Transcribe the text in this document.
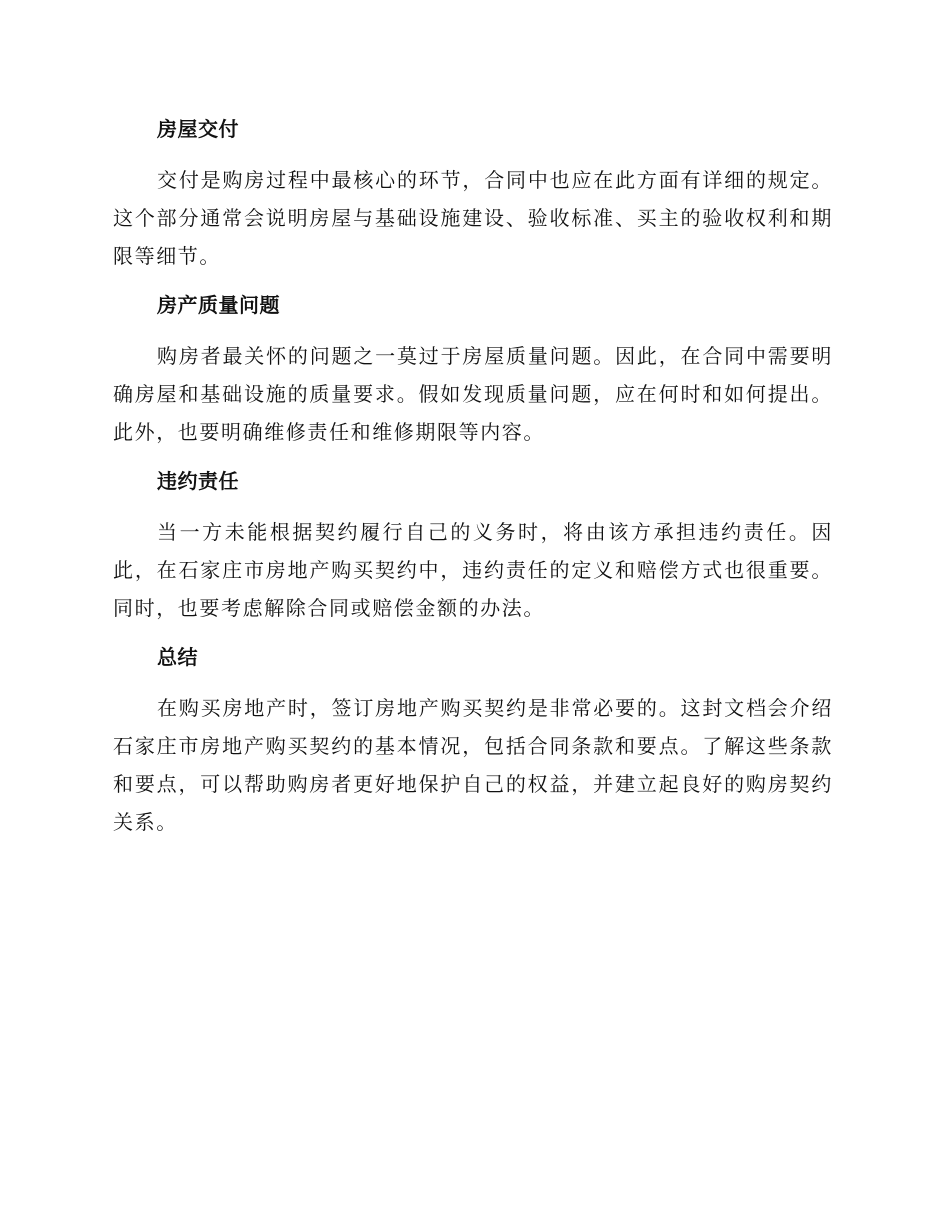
房屋交付

交付是购房过程中最核心的环节，合同中也应在此方面有详细的规定。这个部分通常会说明房屋与基础设施建设、验收标准、买主的验收权利和期限等细节。

房产质量问题

购房者最关怀的问题之一莫过于房屋质量问题。因此，在合同中需要明确房屋和基础设施的质量要求。假如发现质量问题，应在何时和如何提出。此外，也要明确维修责任和维修期限等内容。

违约责任

当一方未能根据契约履行自己的义务时，将由该方承担违约责任。因此，在石家庄市房地产购买契约中，违约责任的定义和赔偿方式也很重要。同时，也要考虑解除合同或赔偿金额的办法。

总结

在购买房地产时，签订房地产购买契约是非常必要的。这封文档会介绍石家庄市房地产购买契约的基本情况，包括合同条款和要点。了解这些条款和要点，可以帮助购房者更好地保护自己的权益，并建立起良好的购房契约关系。
